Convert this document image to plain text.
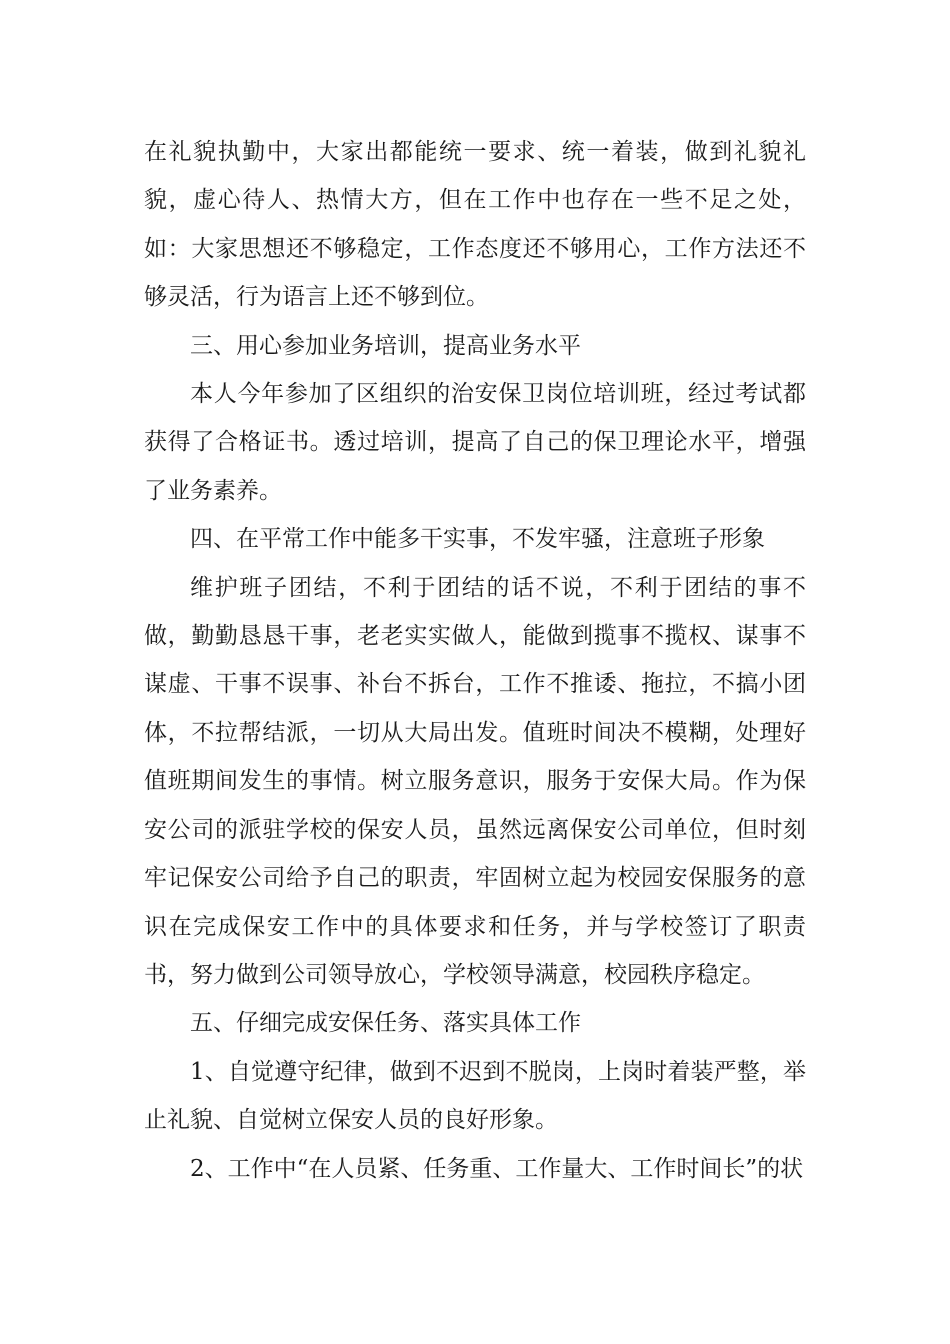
在礼貌执勤中，大家出都能统一要求、统一着装，做到礼貌礼貌，虚心待人、热情大方，但在工作中也存在一些不足之处，如：大家思想还不够稳定，工作态度还不够用心，工作方法还不够灵活，行为语言上还不够到位。

三、用心参加业务培训，提高业务水平

本人今年参加了区组织的治安保卫岗位培训班，经过考试都获得了合格证书。透过培训，提高了自己的保卫理论水平，增强了业务素养。

四、在平常工作中能多干实事，不发牢骚，注意班子形象

维护班子团结，不利于团结的话不说，不利于团结的事不做，勤勤恳恳干事，老老实实做人，能做到揽事不揽权、谋事不谋虚、干事不误事、补台不拆台，工作不推诿、拖拉，不搞小团体，不拉帮结派，一切从大局出发。值班时间决不模糊，处理好值班期间发生的事情。树立服务意识，服务于安保大局。作为保安公司的派驻学校的保安人员，虽然远离保安公司单位，但时刻牢记保安公司给予自己的职责，牢固树立起为校园安保服务的意识在完成保安工作中的具体要求和任务，并与学校签订了职责书，努力做到公司领导放心，学校领导满意，校园秩序稳定。

五、仔细完成安保任务、落实具体工作

1、自觉遵守纪律，做到不迟到不脱岗，上岗时着装严整，举止礼貌、自觉树立保安人员的良好形象。

2、工作中“在人员紧、任务重、工作量大、工作时间长”的状
